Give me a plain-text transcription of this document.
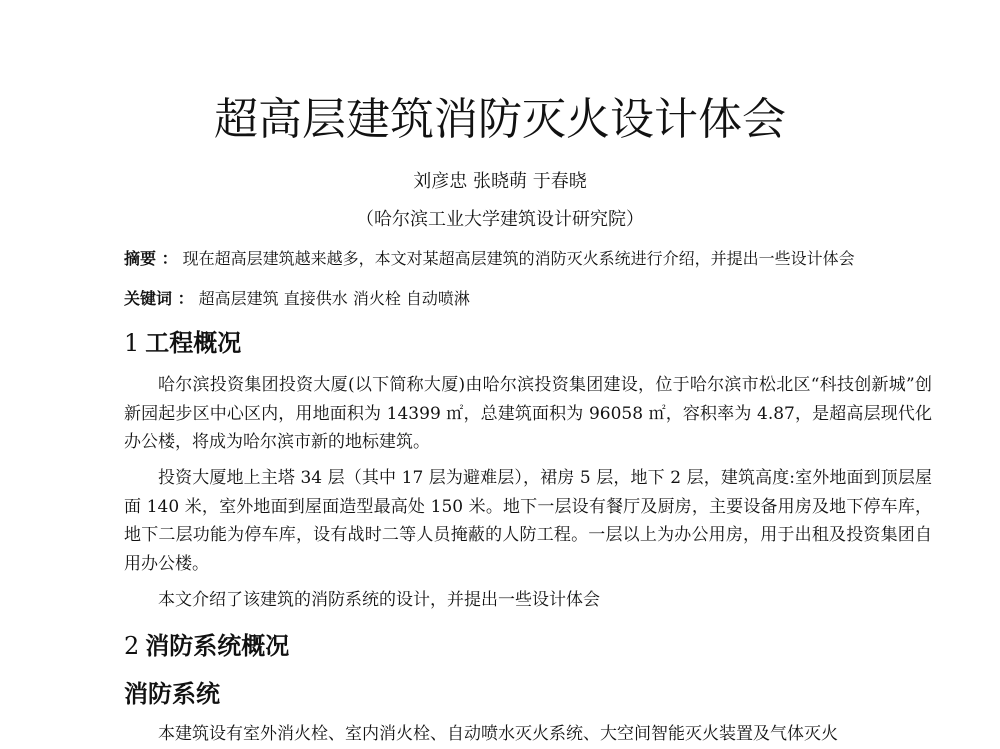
超高层建筑消防灭火设计体会
刘彦忠 张晓萌 于春晓
（哈尔滨工业大学建筑设计研究院）
摘要 ： 现在超高层建筑越来越多，本文对某超高层建筑的消防灭火系统进行介绍，并提出一些设计体会
关键词 ： 超高层建筑 直接供水 消火栓 自动喷淋
1 工程概况

哈尔滨投资集团投资大厦(以下简称大厦)由哈尔滨投资集团建设，位于哈尔滨市松北区“科技创新城”创新园起步区中心区内，用地面积为 14399 ㎡，总建筑面积为 96058 ㎡，容积率为 4.87，是超高层现代化办公楼，将成为哈尔滨市新的地标建筑。

投资大厦地上主塔 34 层（其中 17 层为避难层），裙房 5 层，地下 2 层，建筑高度:室外地面到顶层屋面 140 米，室外地面到屋面造型最高处 150 米。地下一层设有餐厅及厨房，主要设备用房及地下停车库，地下二层功能为停车库，设有战时二等人员掩蔽的人防工程。一层以上为办公用房，用于出租及投资集团自用办公楼。

本文介绍了该建筑的消防系统的设计，并提出一些设计体会

2 消防系统概况
消防系统

本建筑设有室外消火栓、室内消火栓、自动喷水灭火系统、大空间智能灭火装置及气体灭火
